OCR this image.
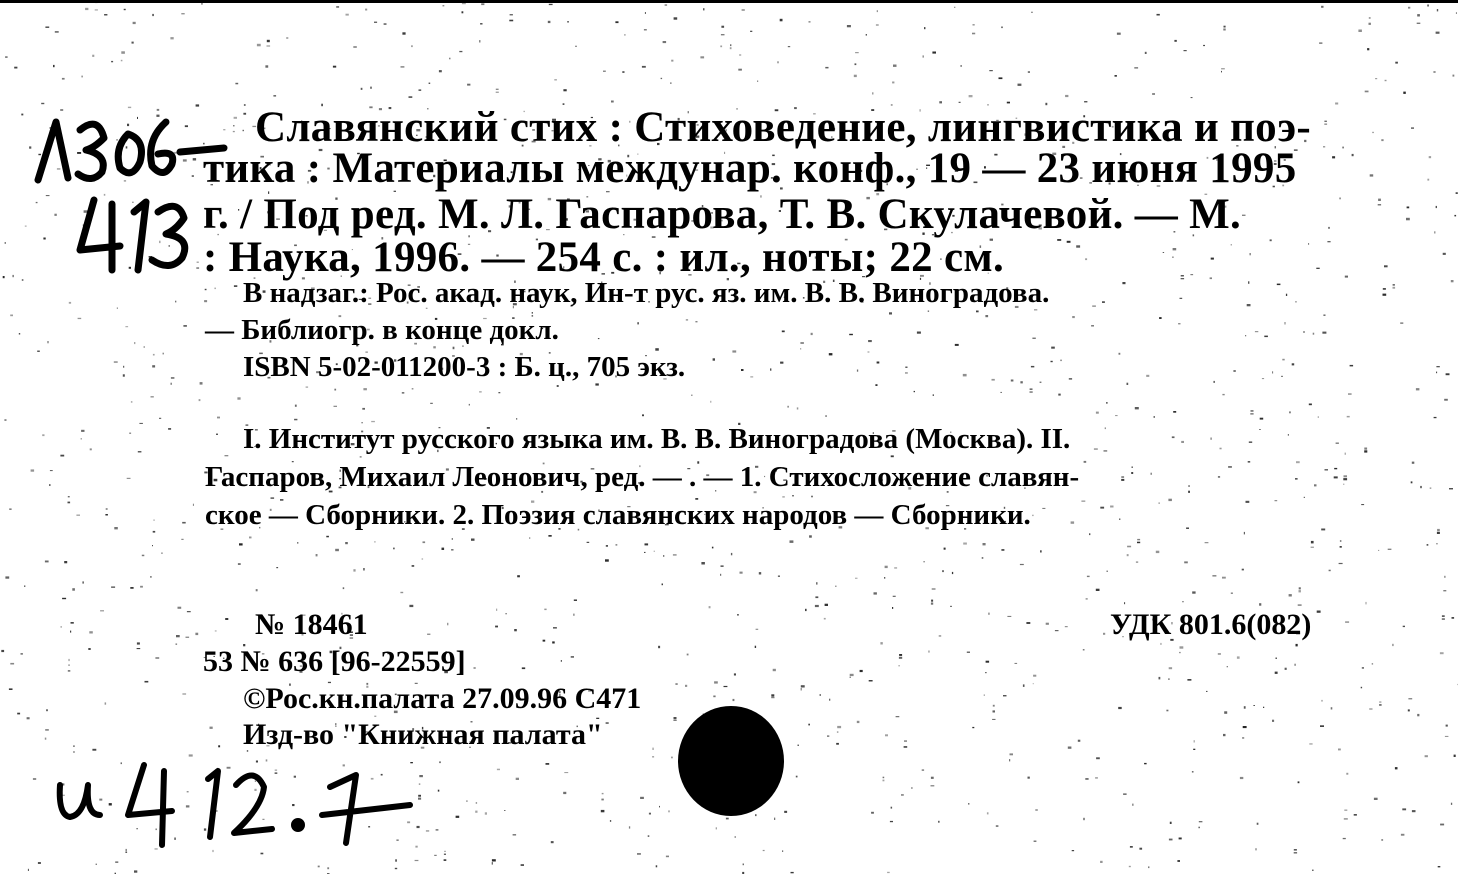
Славянский стих : Стиховедение, лингвистика и поэ-
тика : Материалы междунар. конф., 19 — 23 июня 1995
г. / Под ред. М. Л. Гаспарова, Т. В. Скулачевой. — М.
: Наука, 1996. — 254 с. : ил., ноты; 22 см.
В надзаг.: Рос. акад. наук, Ин-т рус. яз. им. В. В. Виноградова.
— Библиогр. в конце докл.
ISBN 5-02-011200-3 : Б. ц., 705 экз.
I. Институт русского языка им. В. В. Виноградова (Москва). II.
Гаспаров, Михаил Леонович, ред. — . — 1. Стихосложение славян-
ское — Сборники. 2. Поэзия славянских народов — Сборники.
№ 18461	УДК 801.6(082)
53 № 636 [96-22559]
©Рос.кн.палата 27.09.96 С471
Изд-во "Книжная палата"
